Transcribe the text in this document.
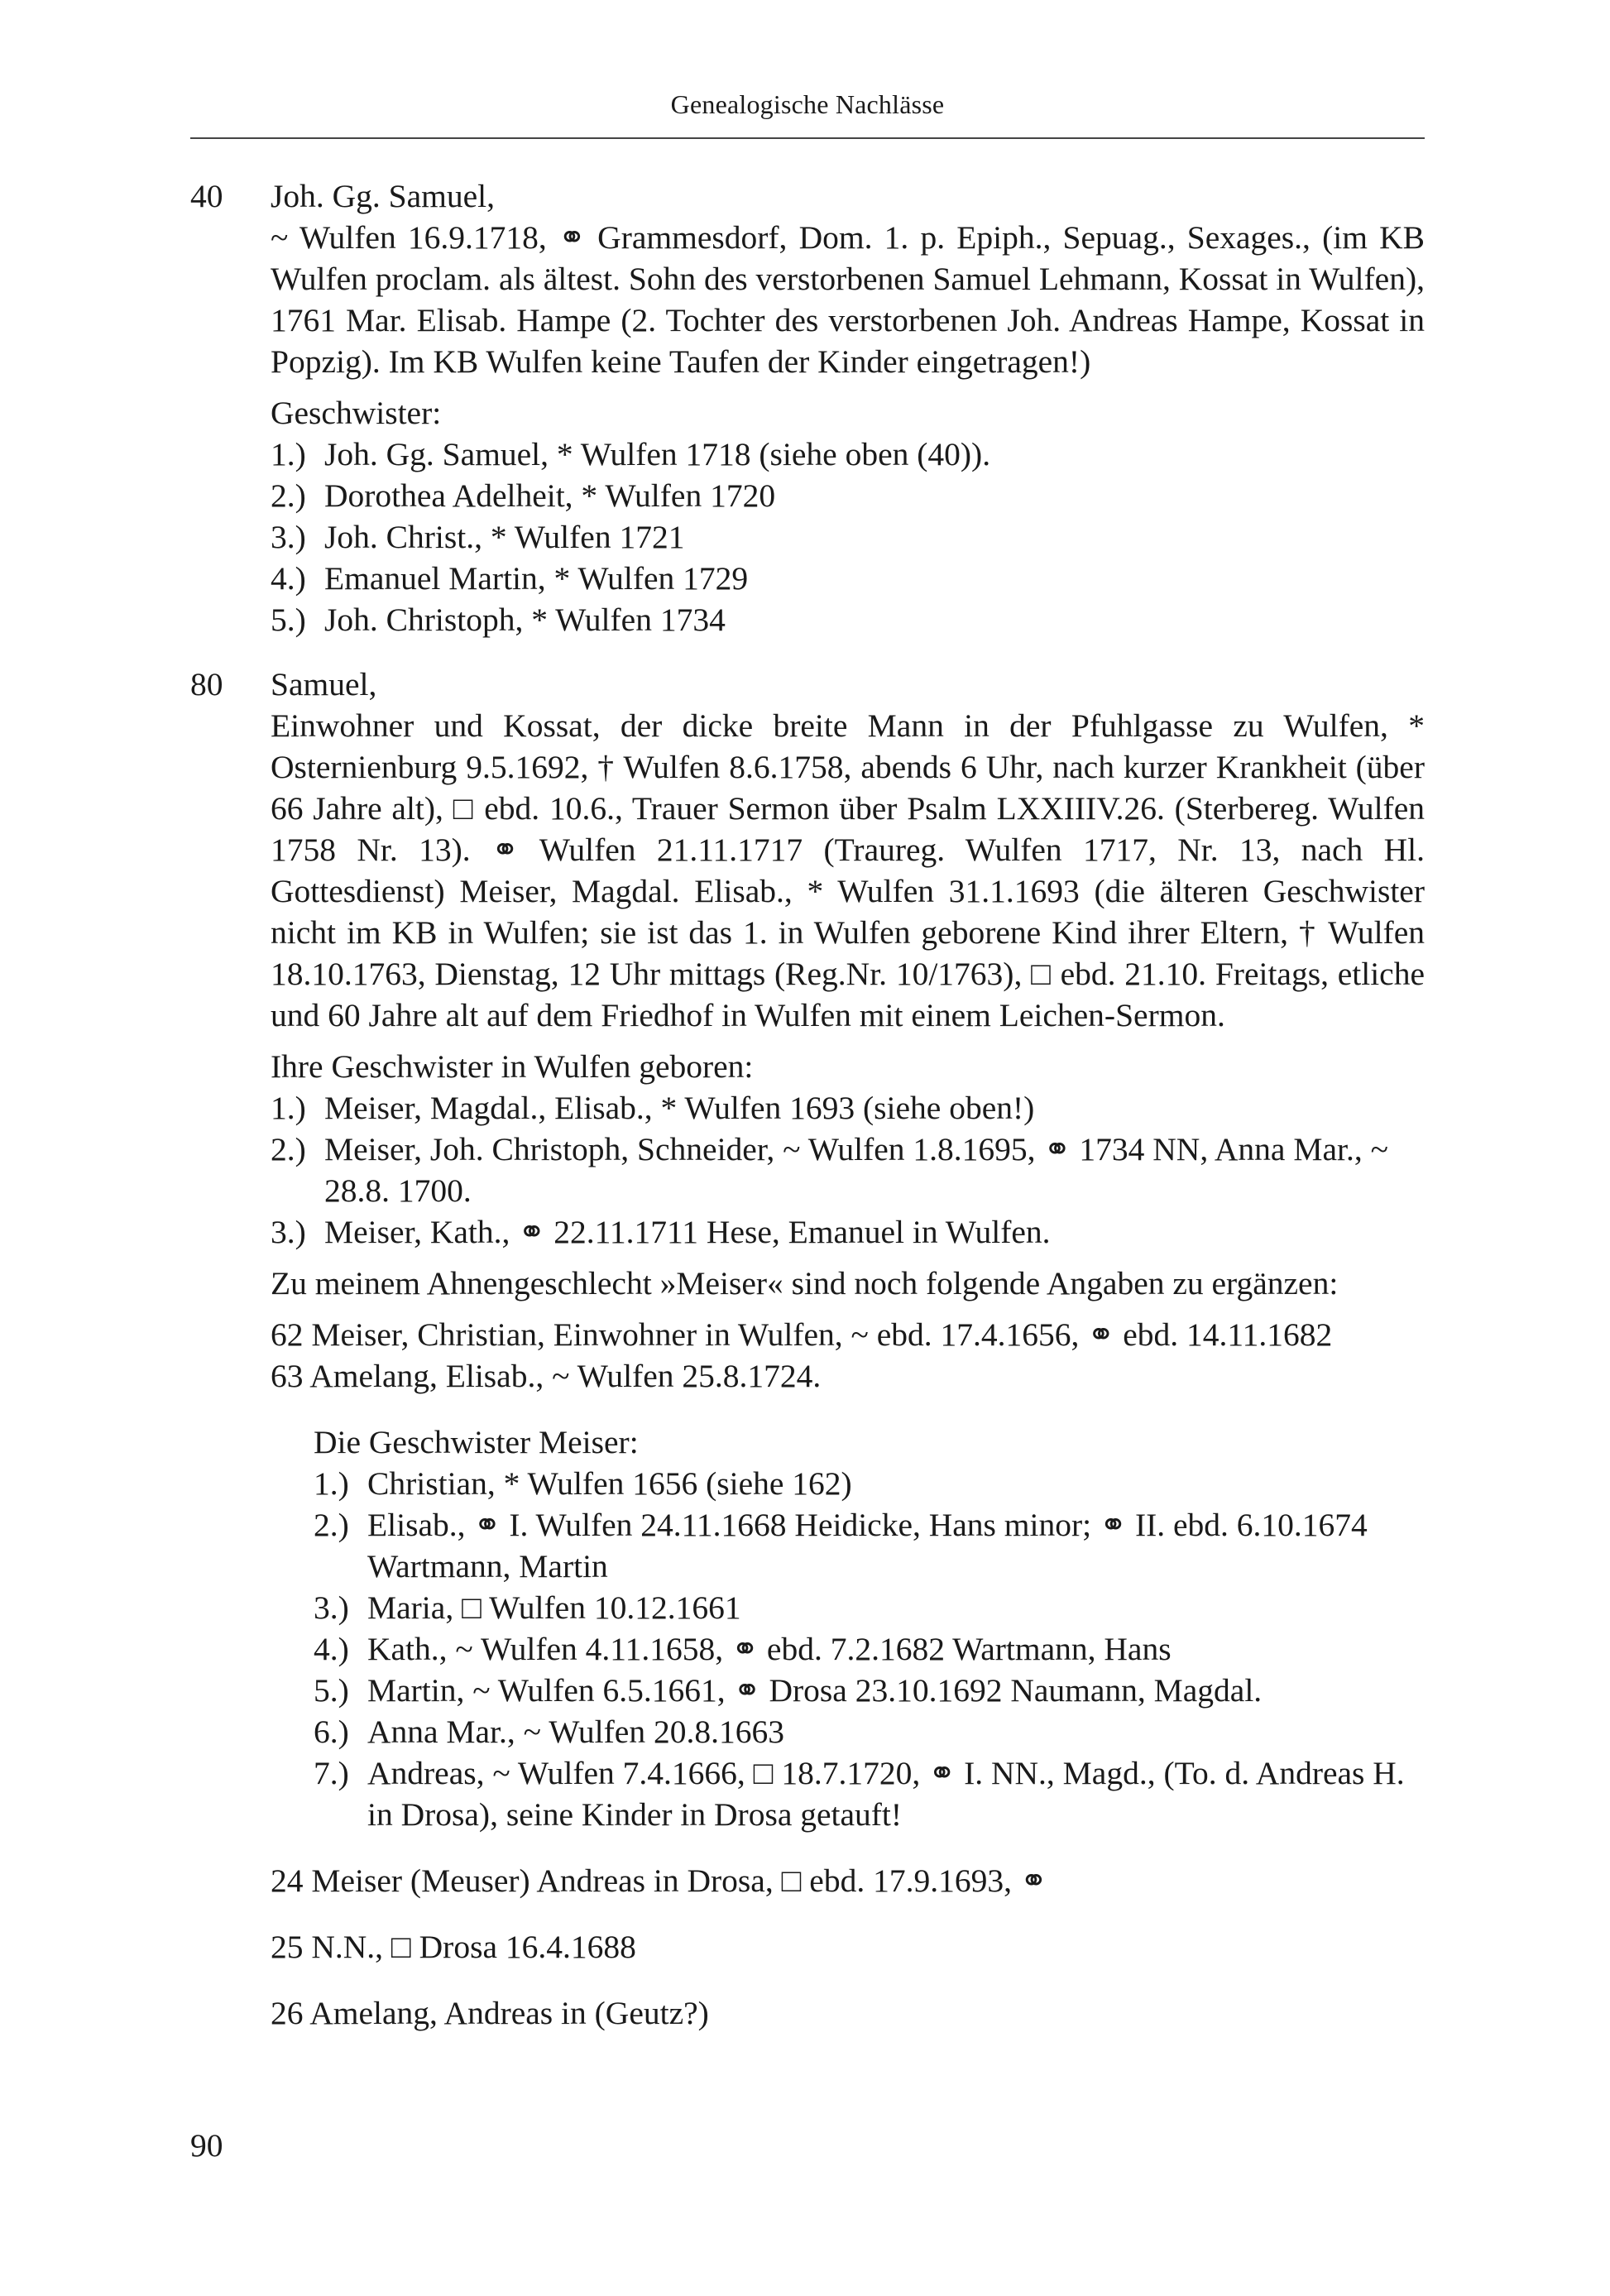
Genealogische Nachlässe
40	Joh. Gg. Samuel,
~ Wulfen 16.9.1718, ⚭ Grammesdorf, Dom. 1. p. Epiph., Sepuag., Sexages., (im KB Wulfen proclam. als ältest. Sohn des verstorbenen Samuel Lehmann, Kossat in Wulfen), 1761 Mar. Elisab. Hampe (2. Tochter des verstorbenen Joh. Andreas Hampe, Kossat in Popzig). Im KB Wulfen keine Taufen der Kinder eingetragen!)
Geschwister:
1.) Joh. Gg. Samuel, * Wulfen 1718 (siehe oben (40)).
2.) Dorothea Adelheit, * Wulfen 1720
3.) Joh. Christ., * Wulfen 1721
4.) Emanuel Martin, * Wulfen 1729
5.) Joh. Christoph, * Wulfen 1734
80	Samuel,
Einwohner und Kossat, der dicke breite Mann in der Pfuhlgasse zu Wulfen, * Osternienburg 9.5.1692, † Wulfen 8.6.1758, abends 6 Uhr, nach kurzer Krankheit (über 66 Jahre alt), □ ebd. 10.6., Trauer Sermon über Psalm LXXIIIV.26. (Sterbereg. Wulfen 1758 Nr. 13). ⚭ Wulfen 21.11.1717 (Traureg. Wulfen 1717, Nr. 13, nach Hl. Gottesdienst) Meiser, Magdal. Elisab., * Wulfen 31.1.1693 (die älteren Geschwister nicht im KB in Wulfen; sie ist das 1. in Wulfen geborene Kind ihrer Eltern, † Wulfen 18.10.1763, Dienstag, 12 Uhr mittags (Reg.Nr. 10/1763), □ ebd. 21.10. Freitags, etliche und 60 Jahre alt auf dem Friedhof in Wulfen mit einem Leichen-Sermon.
Ihre Geschwister in Wulfen geboren:
1.) Meiser, Magdal., Elisab., * Wulfen 1693 (siehe oben!)
2.) Meiser, Joh. Christoph, Schneider, ~ Wulfen 1.8.1695, ⚭ 1734 NN, Anna Mar., ~ 28.8. 1700.
3.) Meiser, Kath., ⚭ 22.11.1711 Hese, Emanuel in Wulfen.
Zu meinem Ahnengeschlecht »Meiser« sind noch folgende Angaben zu ergänzen:
62 Meiser, Christian, Einwohner in Wulfen, ~ ebd. 17.4.1656, ⚭ ebd. 14.11.1682
63 Amelang, Elisab., ~ Wulfen 25.8.1724.
Die Geschwister Meiser:
1.) Christian, * Wulfen 1656 (siehe 162)
2.) Elisab., ⚭ I. Wulfen 24.11.1668 Heidicke, Hans minor; ⚭ II. ebd. 6.10.1674 Wartmann, Martin
3.) Maria, □ Wulfen 10.12.1661
4.) Kath., ~ Wulfen 4.11.1658, ⚭ ebd. 7.2.1682 Wartmann, Hans
5.) Martin, ~ Wulfen 6.5.1661, ⚭ Drosa 23.10.1692 Naumann, Magdal.
6.) Anna Mar., ~ Wulfen 20.8.1663
7.) Andreas, ~ Wulfen 7.4.1666, □ 18.7.1720, ⚭ I. NN., Magd., (To. d. Andreas H. in Drosa), seine Kinder in Drosa getauft!
24 Meiser (Meuser) Andreas in Drosa, □ ebd. 17.9.1693, ⚭
25 N.N., □ Drosa 16.4.1688
26 Amelang, Andreas in (Geutz?)
90
